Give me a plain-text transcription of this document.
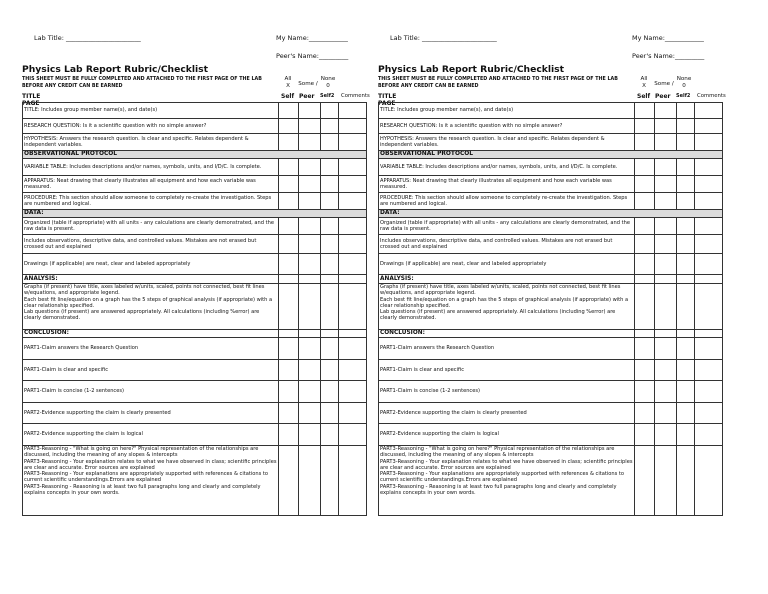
Lab Title: _______________________	My Name:____________
Peer's Name:_________
Physics Lab Report Rubric/Checklist
THIS SHEET MUST BE FULLY COMPLETED AND ATTACHED TO THE FIRST PAGE OF THE LAB BEFORE ANY CREDIT CAN BE EARNED
All
X	Some /
None
0
TITLE PAGE
Self Peer Self2 Comments
TITLE: Includes group member name(s), and date(s)				
RESEARCH QUESTION: Is it a scientific question with no simple answer?				
HYPOTHESIS: Answers the research question. Is clear and specific. Relates dependent & independent variables.				
OBSERVATIONAL PROTOCOL				
VARIABLE TABLE: Includes descriptions and/or names, symbols, units, and I/D/C. Is complete.				
APPARATUS: Neat drawing that clearly illustrates all equipment and how each variable was measured.				
PROCEDURE: This section should allow someone to completely re-create the investigation. Steps are numbered and logical.				
DATA:				
Organized (table if appropriate) with all units - any calculations are clearly demonstrated, and the raw data is present.				
Includes observations, descriptive data, and controlled values. Mistakes are not erased but crossed out and explained				
Drawings (if applicable) are neat, clear and labeled appropriately				
ANALYSIS:				

Graphs (if present) have title, axes labeled w/units, scaled, points not connected, best fit lines w/equations, and appropriate legend.
Each best fit line/equation on a graph has the 5 steps of graphical analysis (if appropriate) with a clear relationship specified.
Lab questions (if present) are answered appropriately. All calculations (including %error) are clearly demonstrated.				

CONCLUSION:				
PART1-Claim answers the Research Question				
PART1-Claim is clear and specific				
PART1-Claim is concise (1-2 sentences)				
PART2-Evidence supporting the claim is clearly presented				
PART2-Evidence supporting the claim is logical				

PART3-Reasoning - "What is going on here?" Physical representation of the relationships are discussed, including the meaning of any slopes & intercepts
PART3-Reasoning - Your explanation relates to what we have observed in class; scientific principles are clear and accurate. Error sources are explained
PART3-Reasoning - Your explanations are appropriately supported with references & citations to current scientific understandings.Errors are explained
PART3-Reasoning - Reasoning is at least two full paragraphs long and clearly and completely explains concepts in your own words.				

Lab Title: _______________________	My Name:____________
Peer's Name:_________
Physics Lab Report Rubric/Checklist
THIS SHEET MUST BE FULLY COMPLETED AND ATTACHED TO THE FIRST PAGE OF THE LAB BEFORE ANY CREDIT CAN BE EARNED
All
X	Some /
None
0
TITLE PAGE
Self Peer Self2 Comments
TITLE: Includes group member name(s), and date(s)				
RESEARCH QUESTION: Is it a scientific question with no simple answer?				
HYPOTHESIS: Answers the research question. Is clear and specific. Relates dependent & independent variables.				
OBSERVATIONAL PROTOCOL				
VARIABLE TABLE: Includes descriptions and/or names, symbols, units, and I/D/C. Is complete.				
APPARATUS: Neat drawing that clearly illustrates all equipment and how each variable was measured.				
PROCEDURE: This section should allow someone to completely re-create the investigation. Steps are numbered and logical.				
DATA:				
Organized (table if appropriate) with all units - any calculations are clearly demonstrated, and the raw data is present.				
Includes observations, descriptive data, and controlled values. Mistakes are not erased but crossed out and explained				
Drawings (if applicable) are neat, clear and labeled appropriately				
ANALYSIS:				

Graphs (if present) have title, axes labeled w/units, scaled, points not connected, best fit lines w/equations, and appropriate legend.
Each best fit line/equation on a graph has the 5 steps of graphical analysis (if appropriate) with a clear relationship specified.
Lab questions (if present) are answered appropriately. All calculations (including %error) are clearly demonstrated.				

CONCLUSION:				
PART1-Claim answers the Research Question				
PART1-Claim is clear and specific				
PART1-Claim is concise (1-2 sentences)				
PART2-Evidence supporting the claim is clearly presented				
PART2-Evidence supporting the claim is logical				

PART3-Reasoning - "What is going on here?" Physical representation of the relationships are discussed, including the meaning of any slopes & intercepts
PART3-Reasoning - Your explanation relates to what we have observed in class; scientific principles are clear and accurate. Error sources are explained
PART3-Reasoning - Your explanations are appropriately supported with references & citations to current scientific understandings.Errors are explained
PART3-Reasoning - Reasoning is at least two full paragraphs long and clearly and completely explains concepts in your own words.				
